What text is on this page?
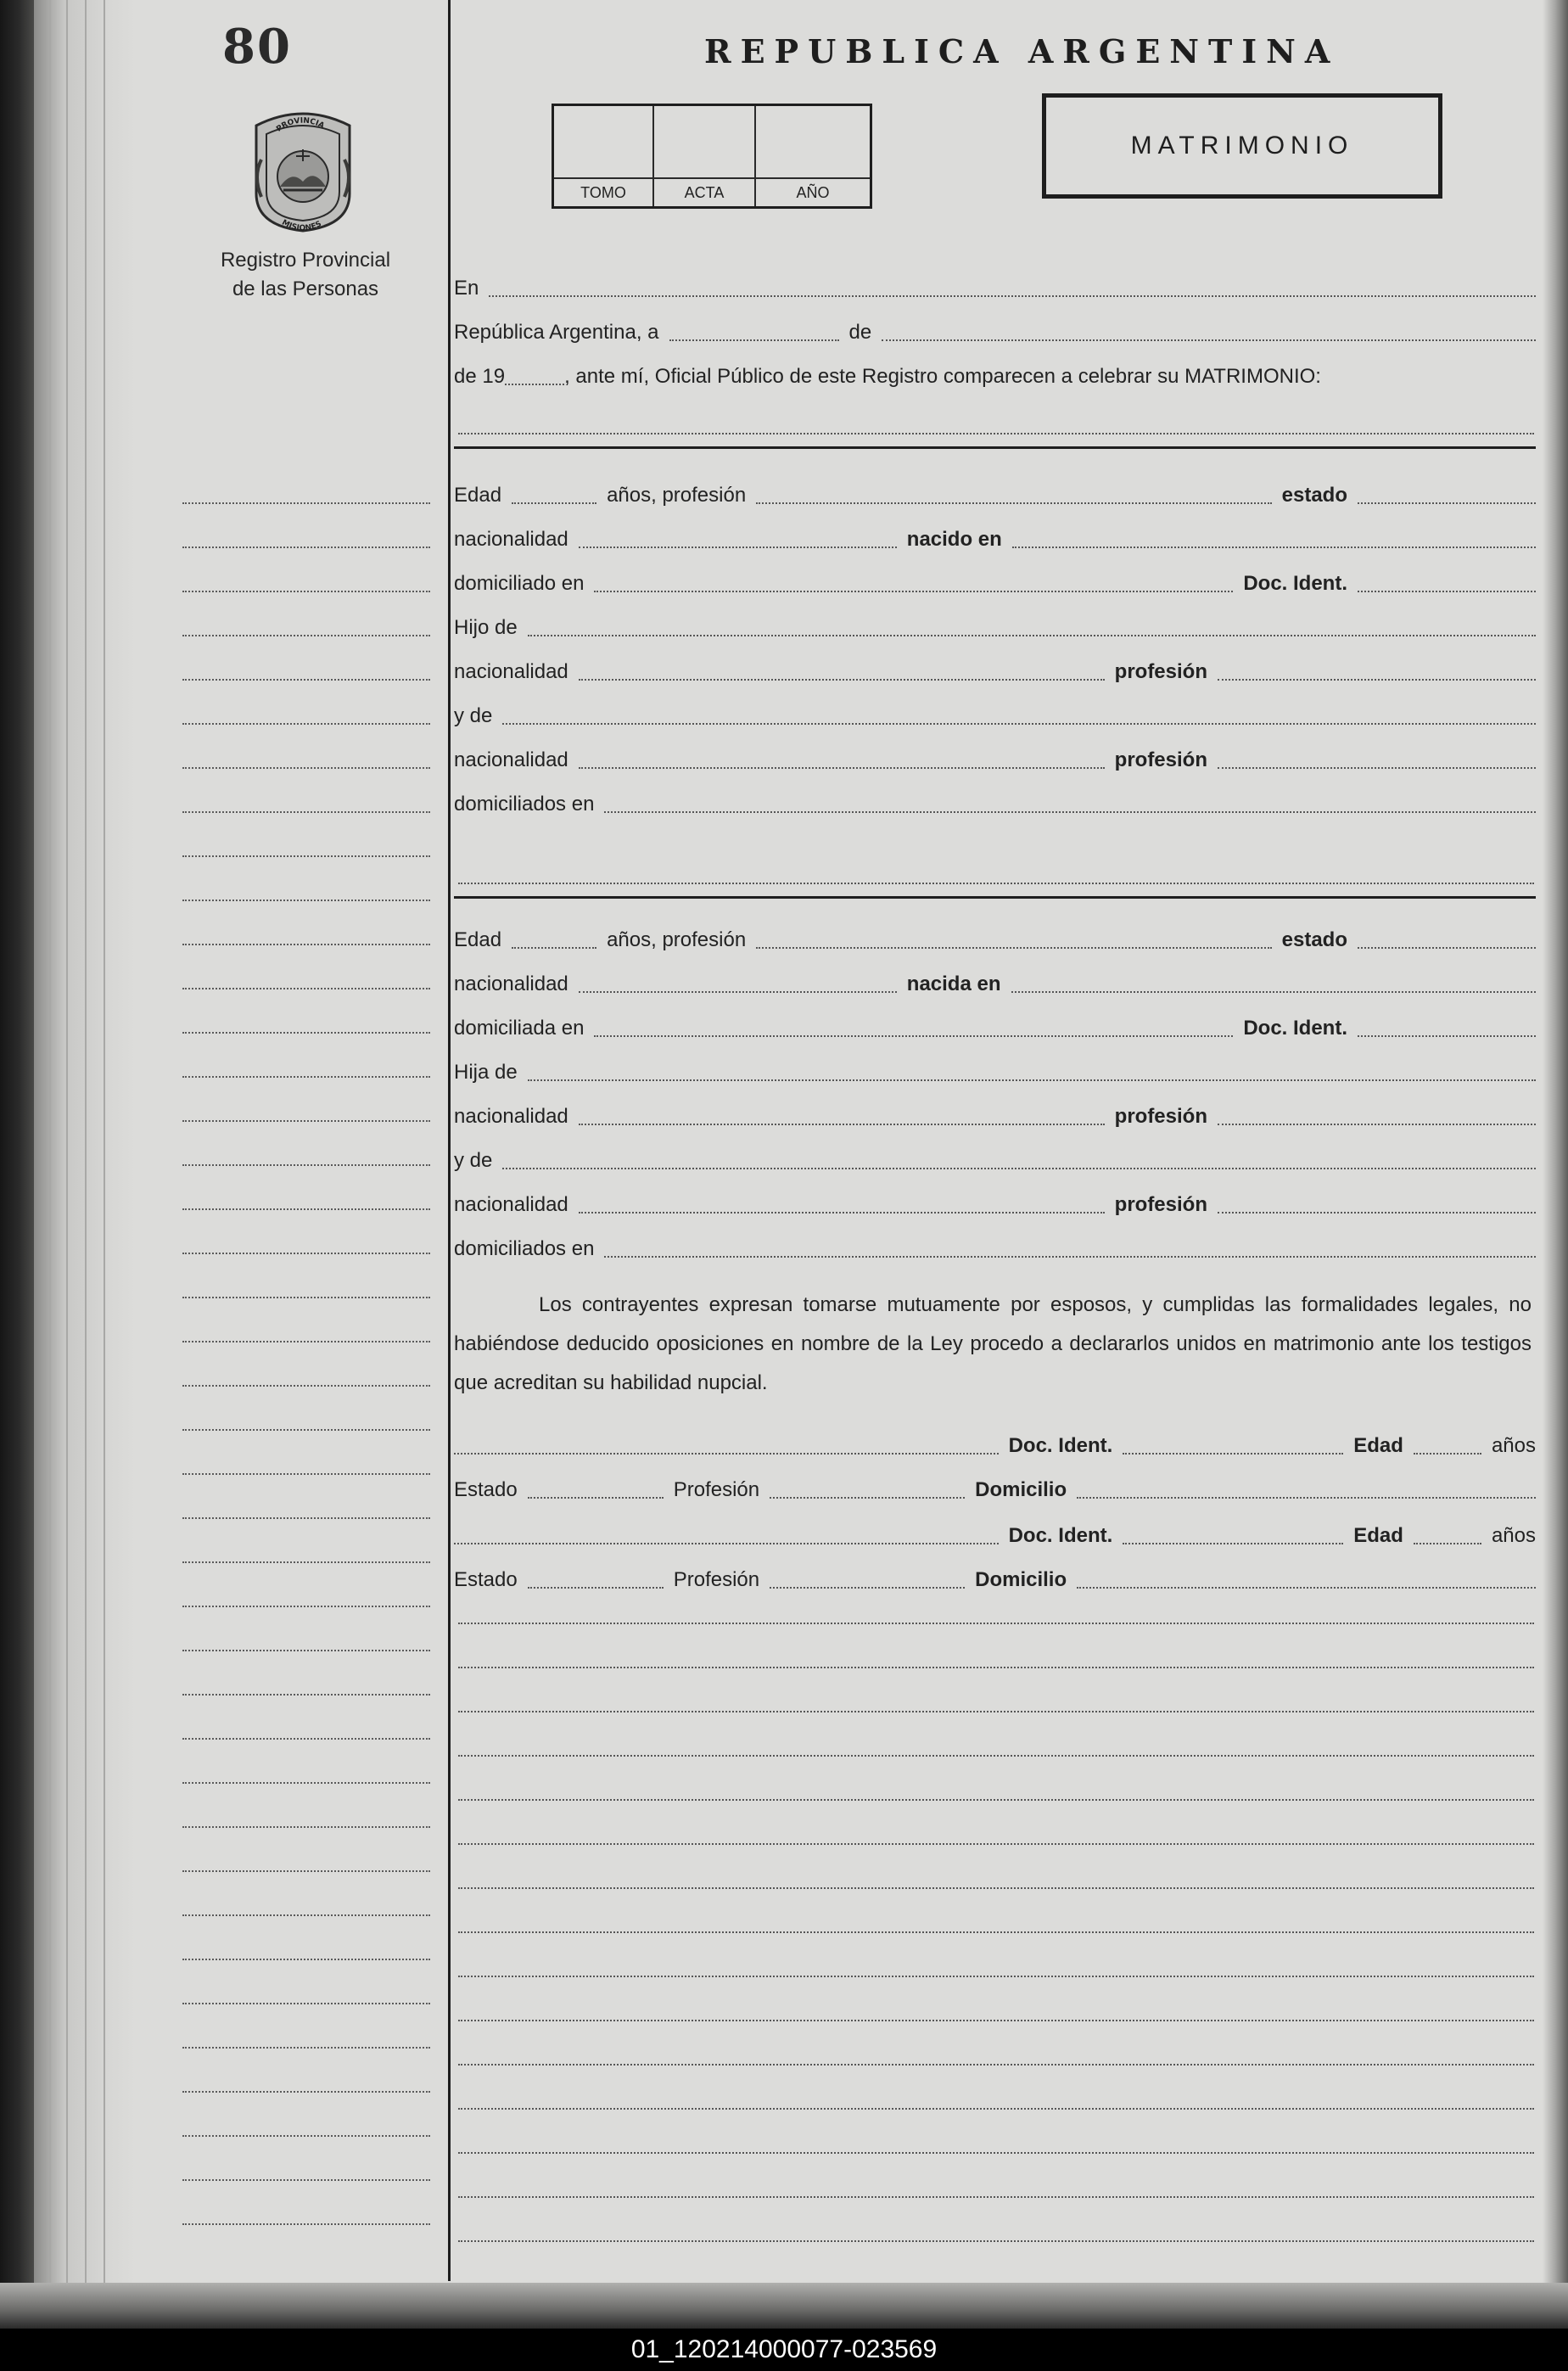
80
PROVINCIA
MISIONES
Registro Provincial
de las Personas
REPUBLICA ARGENTINA
TOMO	ACTA	AÑO
MATRIMONIO
En
República Argentina, a	de
de 19	, ante mí, Oficial Público de este Registro comparecen a celebrar su MATRIMONIO:
Edad	años, profesión	estado
nacionalidad	nacido en
domiciliado en	Doc. Ident.
Hijo de
nacionalidad	profesión
y de
nacionalidad	profesión
domiciliados en
Edad	años, profesión	estado
nacionalidad	nacida en
domiciliada en	Doc. Ident.
Hija de
nacionalidad	profesión
y de
nacionalidad	profesión
domiciliados en

Los contrayentes expresan tomarse mutuamente por esposos, y cumplidas las formalidades legales, no habiéndose deducido oposiciones en nombre de la Ley procedo a declararlos unidos en matrimonio ante los testigos que acreditan su habilidad nupcial.

Doc. Ident.	Edad	años
Estado	Profesión	Domicilio
Doc. Ident.	Edad	años
Estado	Profesión	Domicilio
01_120214000077-023569
